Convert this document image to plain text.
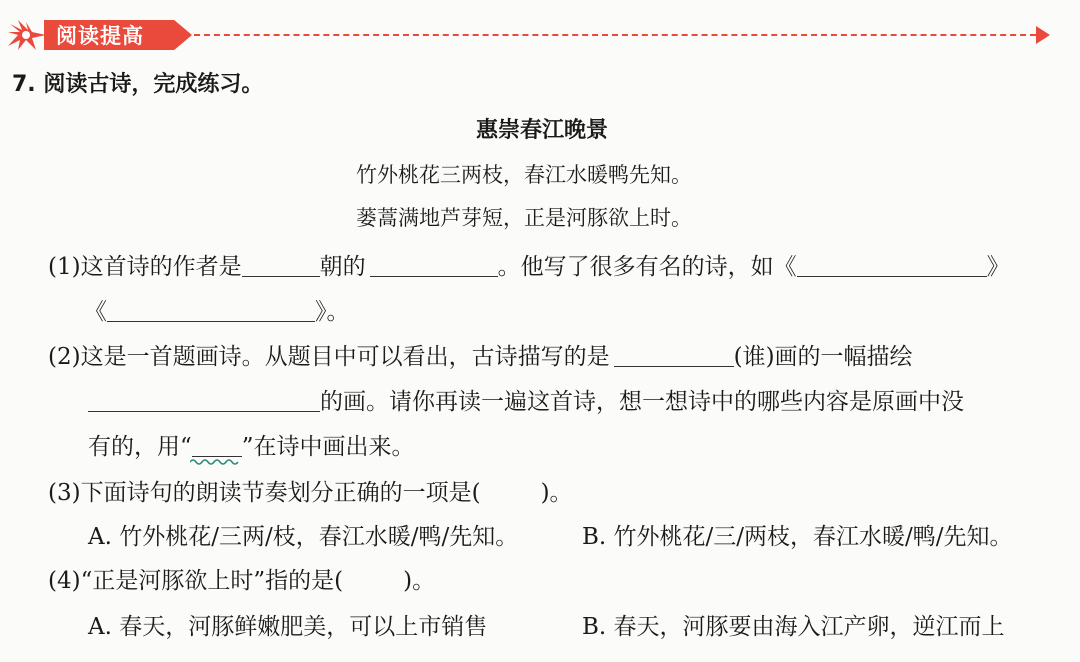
阅读提高
7. 阅读古诗，完成练习。
惠崇春江晚景
竹外桃花三两枝，春江水暖鸭先知。
蒌蒿满地芦芽短，正是河豚欲上时。
(1)这首诗的作者是	朝的	。他写了很多有名的诗，如《	》
《	》。
(2)这是一首题画诗。从题目中可以看出，古诗描写的是	(谁)画的一幅描绘
的画。请你再读一遍这首诗，想一想诗中的哪些内容是原画中没
有的，用“ ”在诗中画出来。
(3)下面诗句的朗读节奏划分正确的一项是(	)。
A. 竹外桃花/三两/枝，春江水暖/鸭/先知。	B. 竹外桃花/三/两枝，春江水暖/鸭/先知。
(4)“正是河豚欲上时”指的是(	)。
A. 春天，河豚鲜嫩肥美，可以上市销售	B. 春天，河豚要由海入江产卵，逆江而上
